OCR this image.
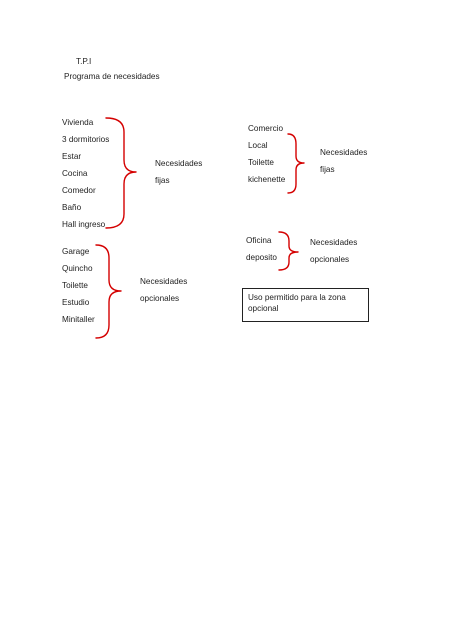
T.P.I
Programa de necesidades
Vivienda
3 dormitorios
Estar
Cocina
Comedor
Baño
Hall ingreso
Necesidades
fijas
Garage
Quincho
Toilette
Estudio
Minitaller
Necesidades
opcionales
Comercio
Local
Toilette
kichenette
Necesidades
fijas
Oficina
deposito
Necesidades
opcionales
Uso permitido para la zona
opcional
